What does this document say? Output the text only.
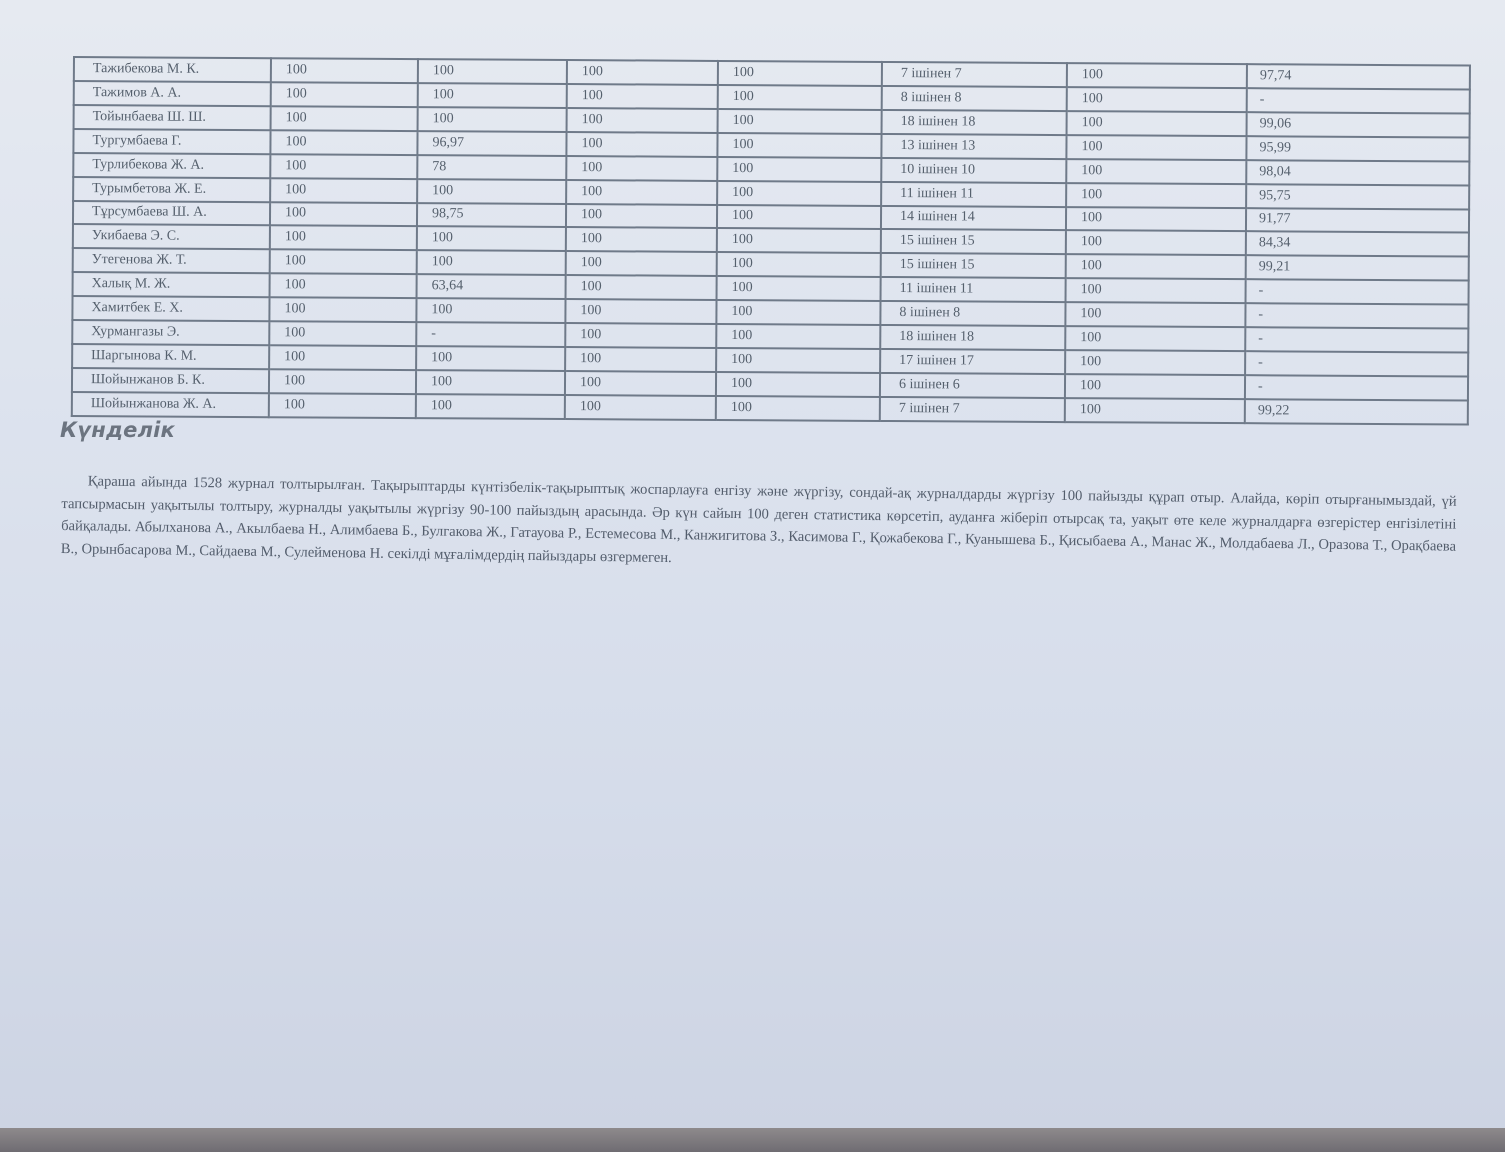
Тажибекова М. К.	100	100	100	100	7 ішінен 7	100	97,74
Тажимов А. А.	100	100	100	100	8 ішінен 8	100	-
Тойынбаева Ш. Ш.	100	100	100	100	18 ішінен 18	100	99,06
Тургумбаева Г.	100	96,97	100	100	13 ішінен 13	100	95,99
Турлибекова Ж. А.	100	78	100	100	10 ішінен 10	100	98,04
Турымбетова Ж. Е.	100	100	100	100	11 ішінен 11	100	95,75
Тұрсумбаева Ш. А.	100	98,75	100	100	14 ішінен 14	100	91,77
Укибаева Э. С.	100	100	100	100	15 ішінен 15	100	84,34
Утегенова Ж. Т.	100	100	100	100	15 ішінен 15	100	99,21
Халық М. Ж.	100	63,64	100	100	11 ішінен 11	100	-
Хамитбек Е. Х.	100	100	100	100	8 ішінен 8	100	-
Хурмангазы Э.	100	-	100	100	18 ішінен 18	100	-
Шаргынова К. М.	100	100	100	100	17 ішінен 17	100	-
Шойынжанов Б. К.	100	100	100	100	6 ішінен 6	100	-
Шойынжанова Ж. А.	100	100	100	100	7 ішінен 7	100	99,22
Күнделік

Қараша айында 1528 журнал толтырылған. Тақырыптарды күнтізбелік-тақырыптық жоспарлауға енгізу және жүргізу, сондай-ақ журналдарды жүргізу 100 пайызды құрап отыр. Алайда, көріп отырғанымыздай, үй тапсырмасын уақытылы толтыру, журналды уақытылы жүргізу 90-100 пайыздың арасында. Әр күн сайын 100 деген статистика көрсетіп, ауданға жіберіп отырсақ та, уақыт өте келе журналдарға өзгерістер енгізілетіні байқалады. Абылханова А., Акылбаева Н., Алимбаева Б., Булгакова Ж., Гатауова Р., Естемесова М., Канжигитова З., Касимова Г., Қожабекова Г., Куанышева Б., Қисыбаева А., Манас Ж., Молдабаева Л., Оразова Т., Орақбаева В., Орынбасарова М., Сайдаева М., Сулейменова Н. секілді мұғалімдердің пайыздары өзгермеген.
